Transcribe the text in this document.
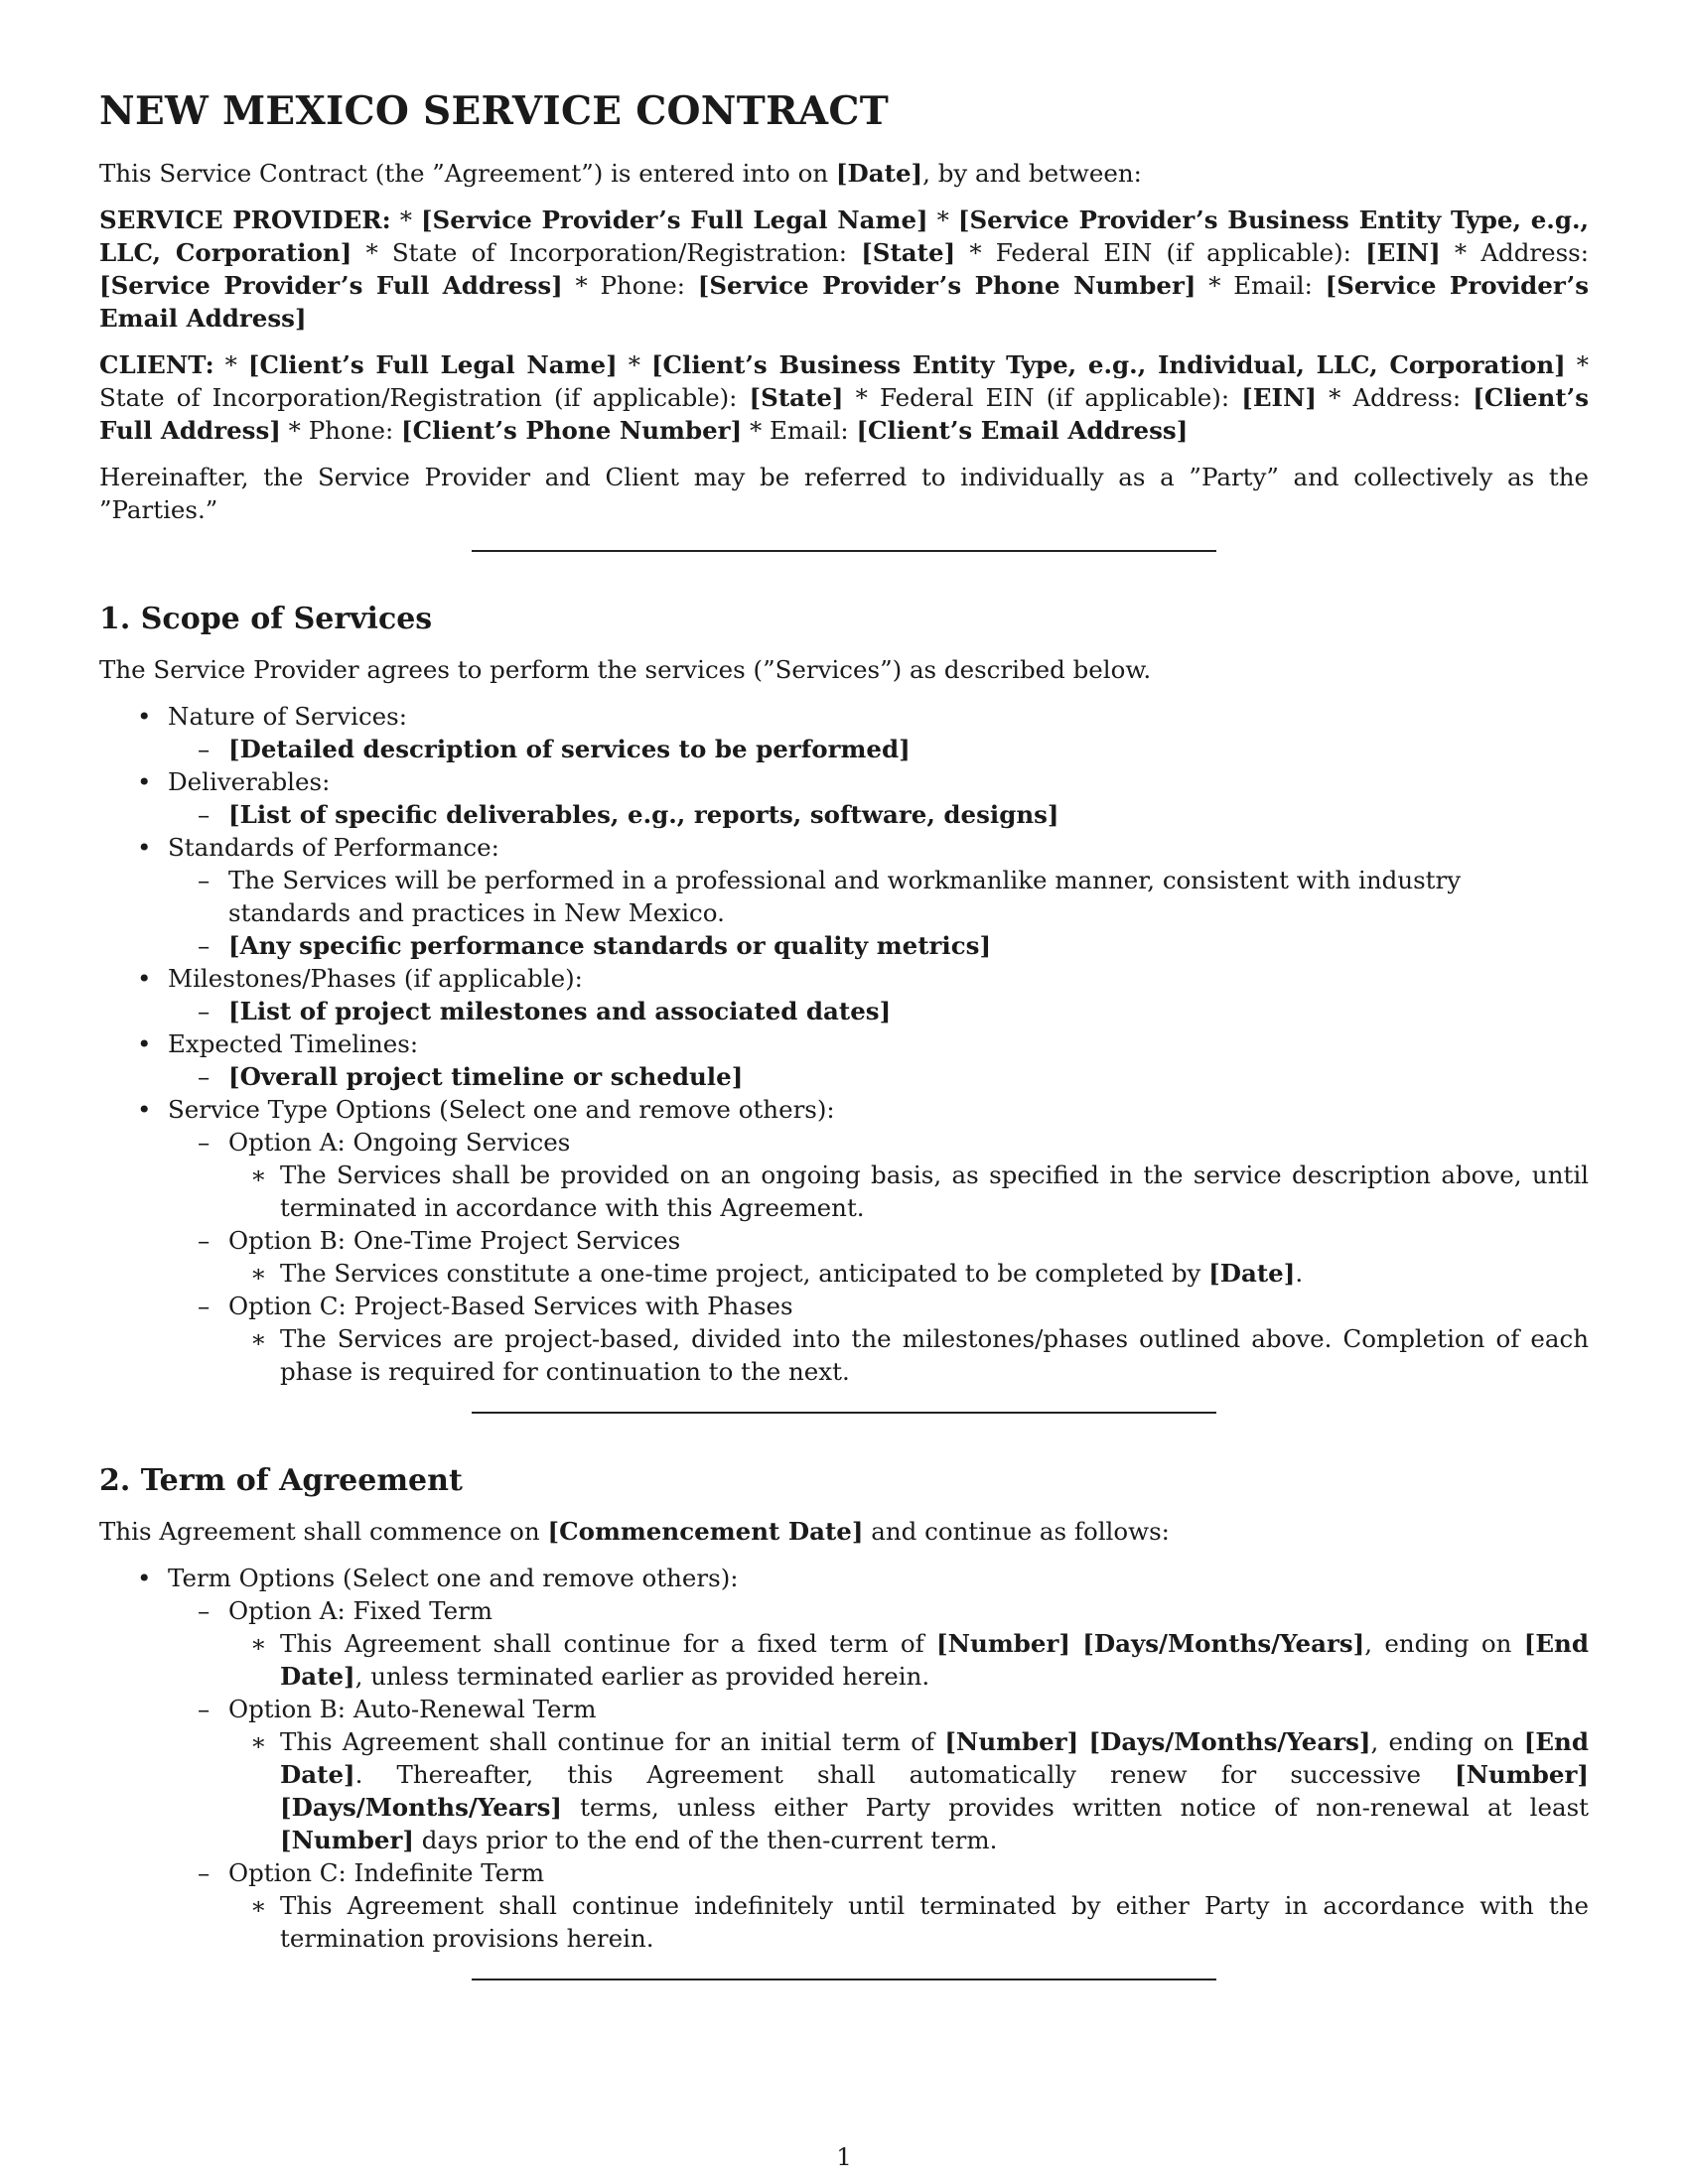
NEW MEXICO SERVICE CONTRACT

This Service Contract (the ”Agreement”) is entered into on [Date], by and between:

SERVICE PROVIDER: * [Service Provider’s Full Legal Name] * [Service Provider’s Business Entity Type, e.g., LLC, Corporation] * State of Incorporation/Registration: [State] * Federal EIN (if applicable): [EIN] * Address: [Service Provider’s Full Address] * Phone: [Service Provider’s Phone Number] * Email: [Service Provider’s Email Address]

CLIENT: * [Client’s Full Legal Name] * [Client’s Business Entity Type, e.g., Individual, LLC, Corporation] * State of Incorporation/Registration (if applicable): [State] * Federal EIN (if applicable): [EIN] * Address: [Client’s Full Address] * Phone: [Client’s Phone Number] * Email: [Client’s Email Address]

Hereinafter, the Service Provider and Client may be referred to individually as a ”Party” and collectively as the ”Parties.”

1. Scope of Services

The Service Provider agrees to perform the services (”Services”) as described below.

• Nature of Services:
– [Detailed description of services to be performed]
• Deliverables:
– [List of specific deliverables, e.g., reports, software, designs]
• Standards of Performance:
– The Services will be performed in a professional and workmanlike manner, consistent with industry standards and practices in New Mexico.
– [Any specific performance standards or quality metrics]
• Milestones/Phases (if applicable):
– [List of project milestones and associated dates]
• Expected Timelines:
– [Overall project timeline or schedule]
• Service Type Options (Select one and remove others):
– Option A: Ongoing Services
∗ The Services shall be provided on an ongoing basis, as specified in the service description above, until terminated in accordance with this Agreement.
– Option B: One-Time Project Services
∗ The Services constitute a one-time project, anticipated to be completed by [Date].
– Option C: Project-Based Services with Phases
∗ The Services are project-based, divided into the milestones/phases outlined above. Completion of each phase is required for continuation to the next.
2. Term of Agreement

This Agreement shall commence on [Commencement Date] and continue as follows:

• Term Options (Select one and remove others):
– Option A: Fixed Term
∗ This Agreement shall continue for a fixed term of [Number] [Days/Months/Years], ending on [End Date], unless terminated earlier as provided herein.
– Option B: Auto-Renewal Term
∗ This Agreement shall continue for an initial term of [Number] [Days/Months/Years], ending on [End Date]. Thereafter, this Agreement shall automatically renew for successive [Number] [Days/Months/Years] terms, unless either Party provides written notice of non-renewal at least [Number] days prior to the end of the then-current term.
– Option C: Indefinite Term
∗ This Agreement shall continue indefinitely until terminated by either Party in accordance with the termination provisions herein.
1
